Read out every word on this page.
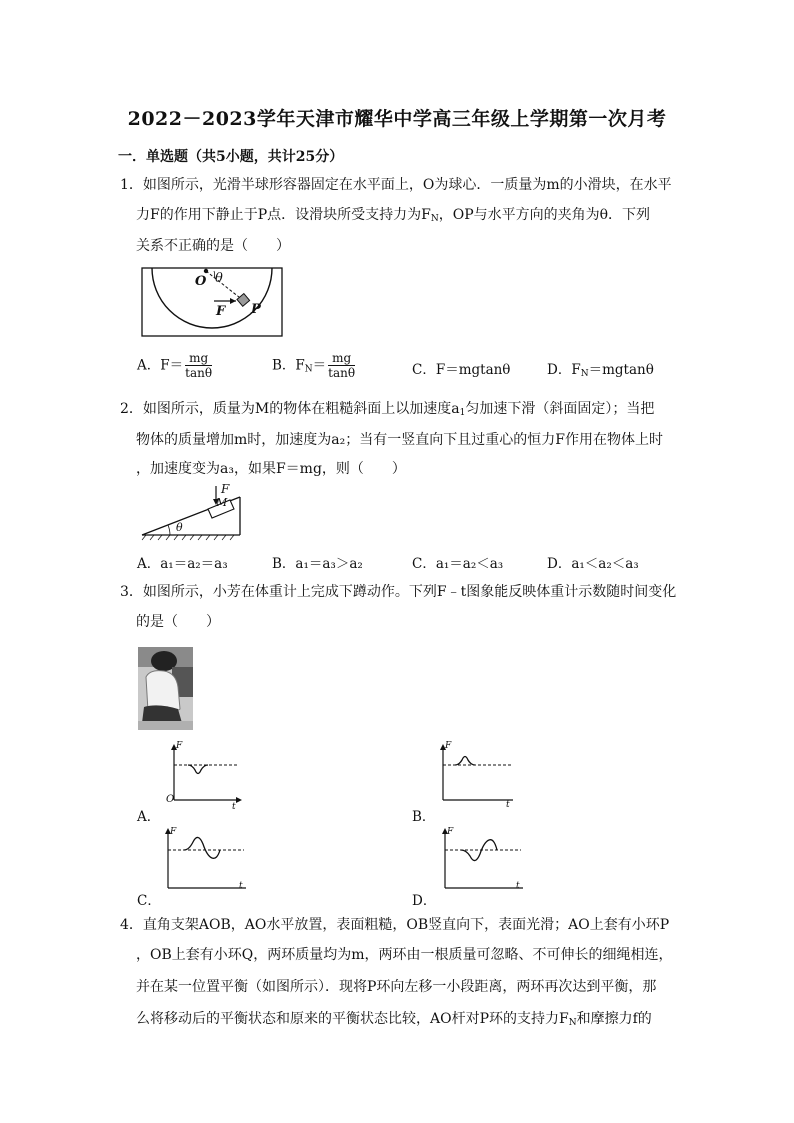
2022－2023学年天津市耀华中学高三年级上学期第一次月考
一．单选题（共5小题，共计25分）
1．如图所示，光滑半球形容器固定在水平面上，O为球心．一质量为m的小滑块，在水平
力F的作用下静止于P点．设滑块所受支持力为$F_N$，OP与水平方向的夹角为θ．下列
关系不正确的是（　　）
O θ
F P
A．$F= \frac{mg}{\tan\theta}$	B．$F_N= \frac{mg}{\tan\theta}$	C．F＝mgtanθ	D．$F_N=mgtan\theta$
2．如图所示，质量为M的物体在粗糙斜面上以加速度$a_1$匀加速下滑（斜面固定）；当把
物体的质量增加m时，加速度为a₂；当有一竖直向下且过重心的恒力F作用在物体上时
，加速度变为a₃，如果F＝mg，则（　　）
F
M
θ
A．a₁＝a₂＝a₃	B．a₁＝a₃＞a₂	C．a₁＝a₂＜a₃	D．a₁＜a₂＜a₃
3．如图所示，小芳在体重计上完成下蹲动作。下列F﹣t图象能反映体重计示数随时间变化
的是（　　）
F
t
O
A．
F
t
B．
F
t
C．
F
t
D．
4．直角支架AOB，AO水平放置，表面粗糙，OB竖直向下，表面光滑；AO上套有小环P
，OB上套有小环Q，两环质量均为m，两环由一根质量可忽略、不可伸长的细绳相连，
并在某一位置平衡（如图所示）．现将P环向左移一小段距离，两环再次达到平衡，那
么将移动后的平衡状态和原来的平衡状态比较，AO杆对P环的支持力$F_N$和摩擦力f的
